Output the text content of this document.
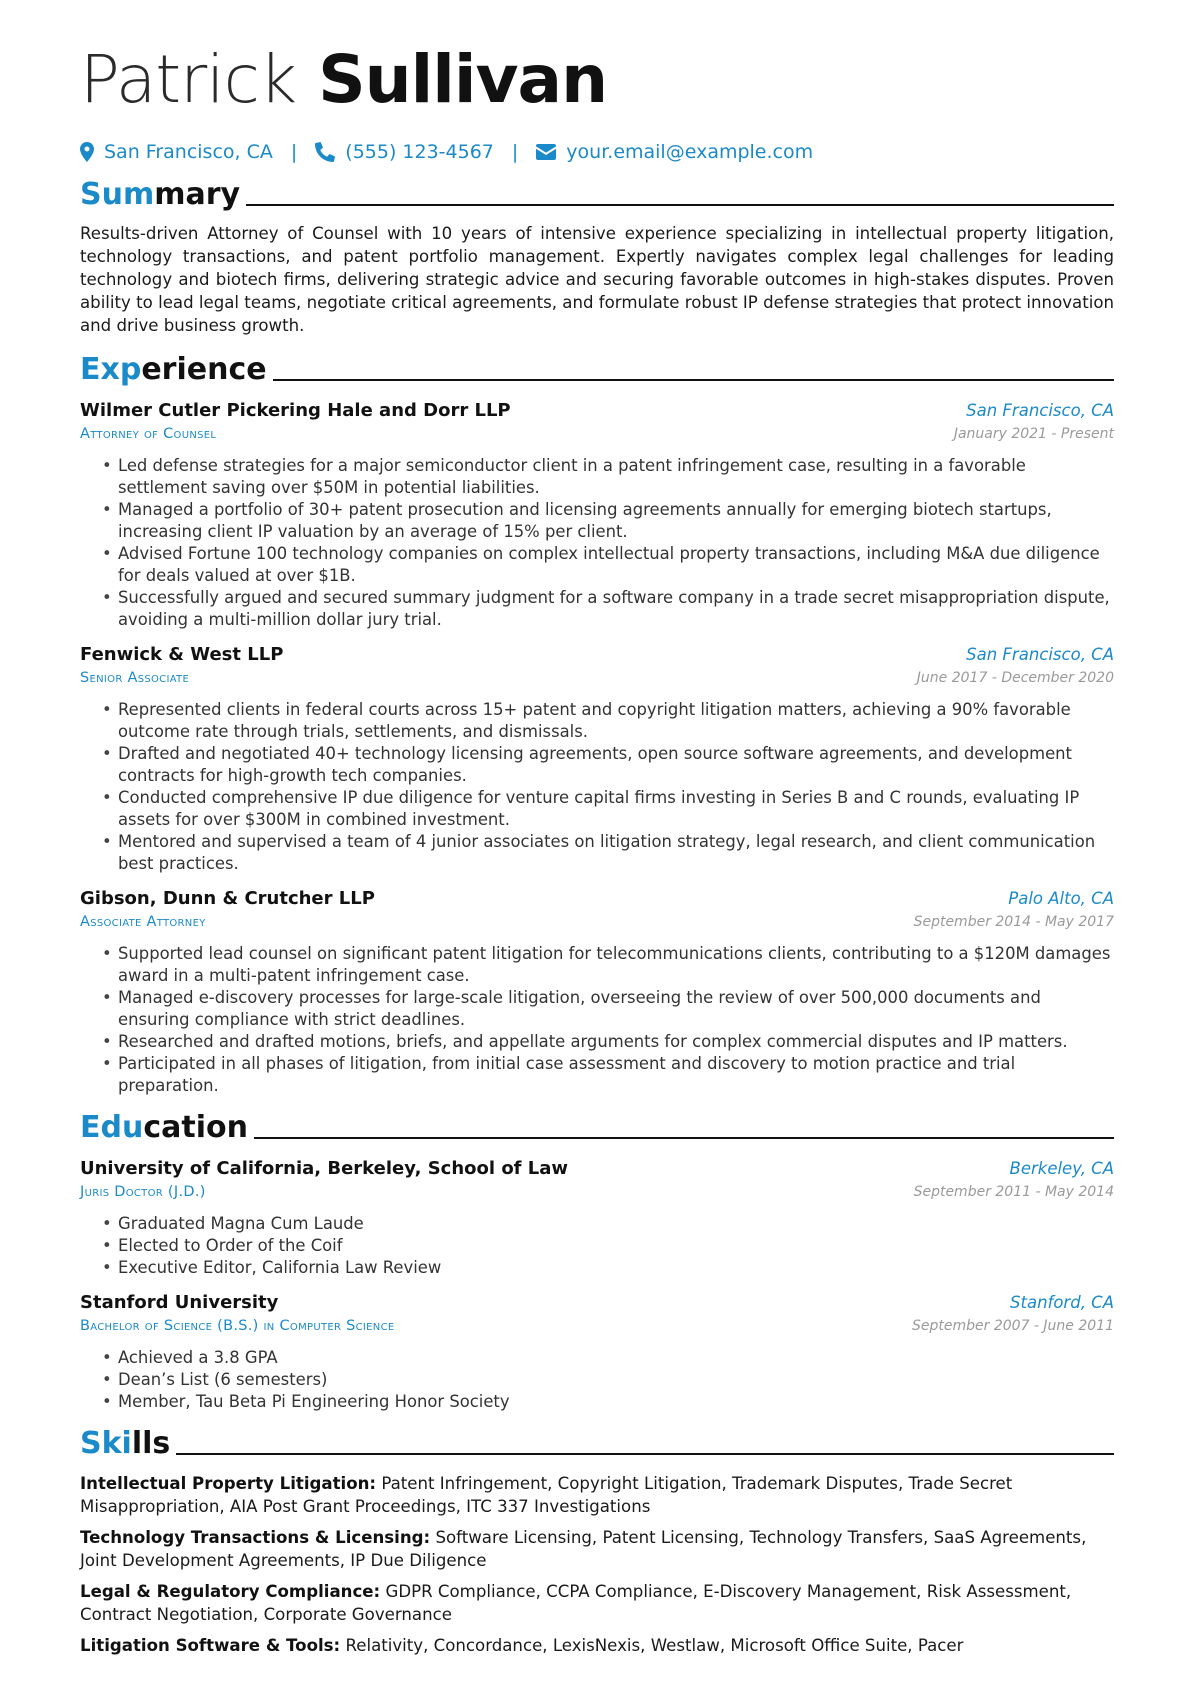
Patrick Sullivan
San Francisco, CA |	(555) 123-4567 |	your.email@example.com
Summary
Results-driven Attorney of Counsel with 10 years of intensive experience specializing in intellectual property litigation, technology transactions, and patent portfolio management. Expertly navigates complex legal challenges for leading technology and biotech firms, delivering strategic advice and securing favorable outcomes in high-stakes disputes. Proven ability to lead legal teams, negotiate critical agreements, and formulate robust IP defense strategies that protect innovation and drive business growth.
Experience
Wilmer Cutler Pickering Hale and Dorr LLP	San Francisco, CA
Attorney of Counsel	January 2021 - Present
• Led defense strategies for a major semiconductor client in a patent infringement case, resulting in a favorable settlement saving over $50M in potential liabilities.
• Managed a portfolio of 30+ patent prosecution and licensing agreements annually for emerging biotech startups, increasing client IP valuation by an average of 15% per client.
• Advised Fortune 100 technology companies on complex intellectual property transactions, including M&A due diligence for deals valued at over $1B.
• Successfully argued and secured summary judgment for a software company in a trade secret misappropriation dispute, avoiding a multi-million dollar jury trial.
Fenwick & West LLP	San Francisco, CA
Senior Associate	June 2017 - December 2020
• Represented clients in federal courts across 15+ patent and copyright litigation matters, achieving a 90% favorable outcome rate through trials, settlements, and dismissals.
• Drafted and negotiated 40+ technology licensing agreements, open source software agreements, and development contracts for high-growth tech companies.
• Conducted comprehensive IP due diligence for venture capital firms investing in Series B and C rounds, evaluating IP assets for over $300M in combined investment.
• Mentored and supervised a team of 4 junior associates on litigation strategy, legal research, and client communication best practices.
Gibson, Dunn & Crutcher LLP	Palo Alto, CA
Associate Attorney	September 2014 - May 2017
• Supported lead counsel on significant patent litigation for telecommunications clients, contributing to a $120M damages award in a multi-patent infringement case.
• Managed e-discovery processes for large-scale litigation, overseeing the review of over 500,000 documents and ensuring compliance with strict deadlines.
• Researched and drafted motions, briefs, and appellate arguments for complex commercial disputes and IP matters.
• Participated in all phases of litigation, from initial case assessment and discovery to motion practice and trial preparation.
Education
University of California, Berkeley, School of Law	Berkeley, CA
Juris Doctor (J.D.)	September 2011 - May 2014
• Graduated Magna Cum Laude
• Elected to Order of the Coif
• Executive Editor, California Law Review
Stanford University	Stanford, CA
Bachelor of Science (B.S.) in Computer Science	September 2007 - June 2011
• Achieved a 3.8 GPA
• Dean’s List (6 semesters)
• Member, Tau Beta Pi Engineering Honor Society
Skills
Intellectual Property Litigation: Patent Infringement, Copyright Litigation, Trademark Disputes, Trade Secret Misappropriation, AIA Post Grant Proceedings, ITC 337 Investigations
Technology Transactions & Licensing: Software Licensing, Patent Licensing, Technology Transfers, SaaS Agreements, Joint Development Agreements, IP Due Diligence
Legal & Regulatory Compliance: GDPR Compliance, CCPA Compliance, E-Discovery Management, Risk Assessment, Contract Negotiation, Corporate Governance
Litigation Software & Tools: Relativity, Concordance, LexisNexis, Westlaw, Microsoft Office Suite, Pacer
